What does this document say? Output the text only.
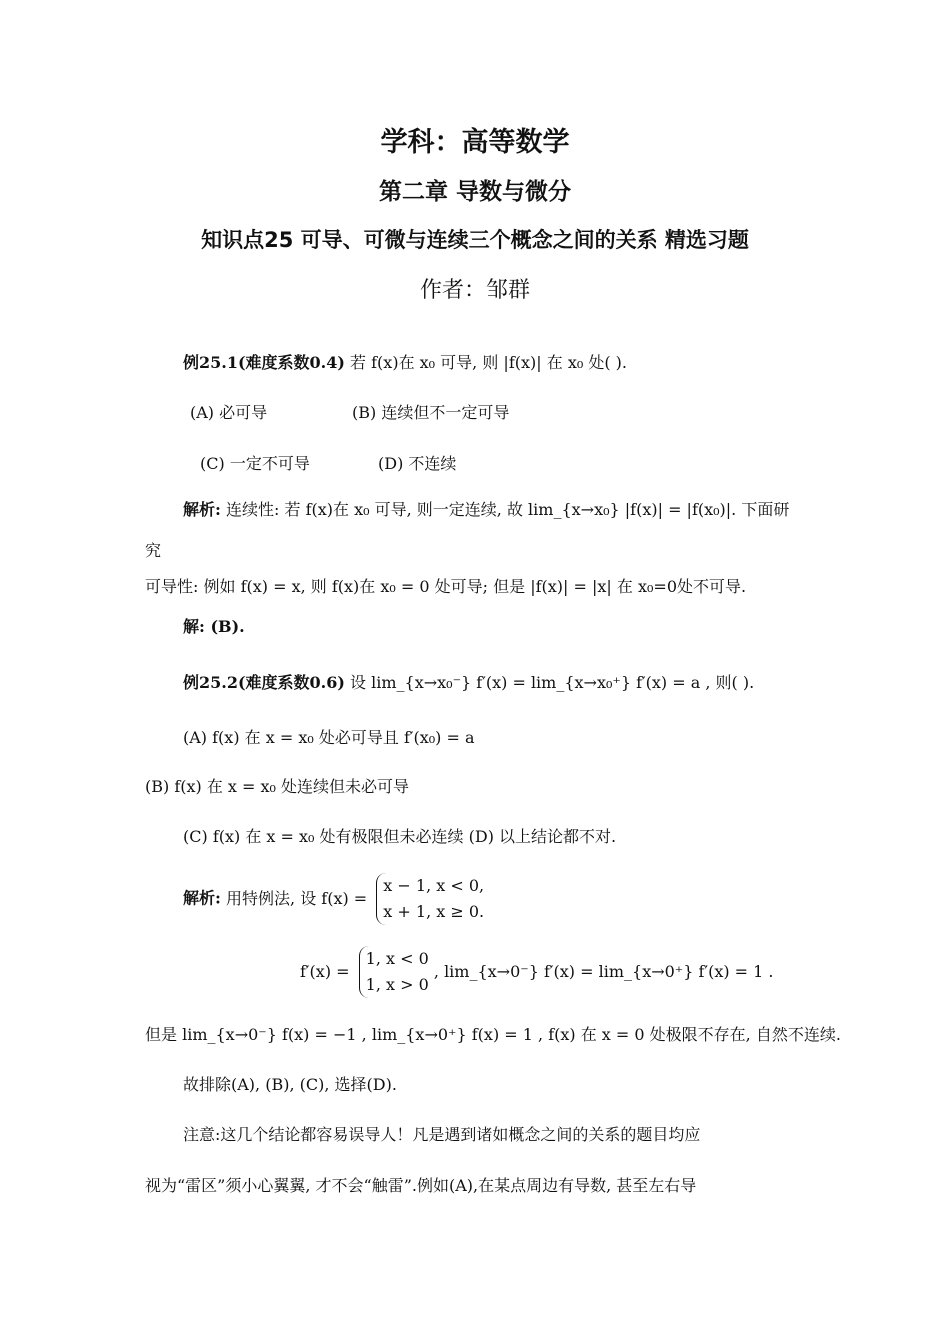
学科：高等数学
第二章 导数与微分
知识点25 可导、可微与连续三个概念之间的关系 精选习题
作者：邹群
例25.1(难度系数0.4) 若 f(x)在 x₀ 可导, 则 |f(x)| 在 x₀ 处( ).
(A) 必可导	(B) 连续但不一定可导
(C) 一定不可导	(D) 不连续
解析: 连续性: 若 f(x)在 x₀ 可导, 则一定连续, 故 lim_{x→x₀} |f(x)| = |f(x₀)|. 下面研
究
可导性: 例如 f(x) = x, 则 f(x)在 x₀ = 0 处可导; 但是 |f(x)| = |x| 在 x₀=0处不可导.
解: (B).
例25.2(难度系数0.6) 设 lim_{x→x₀⁻} f′(x) = lim_{x→x₀⁺} f′(x) = a , 则( ).
(A) f(x) 在 x = x₀ 处必可导且 f′(x₀) = a
(B) f(x) 在 x = x₀ 处连续但未必可导
(C) f(x) 在 x = x₀ 处有极限但未必连续 (D) 以上结论都不对.
解析: 用特例法, 设 f(x) =
x − 1, x < 0,
x + 1, x ≥ 0.
f′(x) =
1, x < 0
1, x > 0
, lim_{x→0⁻} f′(x) = lim_{x→0⁺} f′(x) = 1 .
但是 lim_{x→0⁻} f(x) = −1 , lim_{x→0⁺} f(x) = 1 , f(x) 在 x = 0 处极限不存在, 自然不连续.
故排除(A), (B), (C), 选择(D).
注意:这几个结论都容易误导人！凡是遇到诸如概念之间的关系的题目均应
视为“雷区”须小心翼翼, 才不会“触雷”.例如(A),在某点周边有导数, 甚至左右导
